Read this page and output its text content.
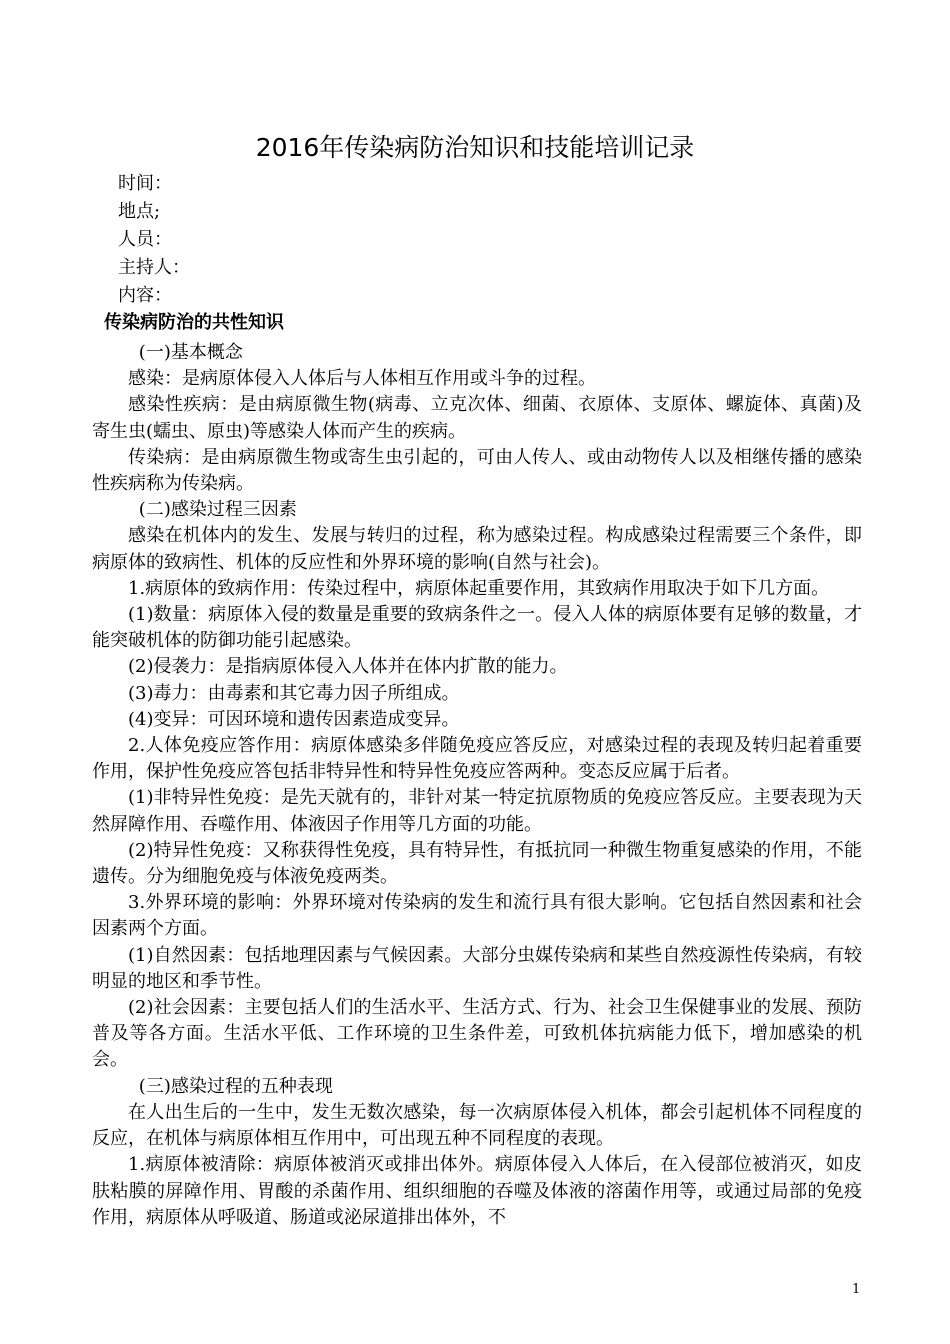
2016年传染病防治知识和技能培训记录
时间：
地点;
人员：
主持人：
内容：
传染病防治的共性知识

(一)基本概念

感染：是病原体侵入人体后与人体相互作用或斗争的过程。

感染性疾病：是由病原微生物(病毒、立克次体、细菌、衣原体、支原体、螺旋体、真菌)及寄生虫(蠕虫、原虫)等感染人体而产生的疾病。

传染病：是由病原微生物或寄生虫引起的，可由人传人、或由动物传人以及相继传播的感染性疾病称为传染病。

(二)感染过程三因素

感染在机体内的发生、发展与转归的过程，称为感染过程。构成感染过程需要三个条件，即病原体的致病性、机体的反应性和外界环境的影响(自然与社会)。

1.病原体的致病作用：传染过程中，病原体起重要作用，其致病作用取决于如下几方面。

(1)数量：病原体入侵的数量是重要的致病条件之一。侵入人体的病原体要有足够的数量，才能突破机体的防御功能引起感染。

(2)侵袭力：是指病原体侵入人体并在体内扩散的能力。

(3)毒力：由毒素和其它毒力因子所组成。

(4)变异：可因环境和遗传因素造成变异。

2.人体免疫应答作用：病原体感染多伴随免疫应答反应，对感染过程的表现及转归起着重要作用，保护性免疫应答包括非特异性和特异性免疫应答两种。变态反应属于后者。

(1)非特异性免疫：是先天就有的，非针对某一特定抗原物质的免疫应答反应。主要表现为天然屏障作用、吞噬作用、体液因子作用等几方面的功能。

(2)特异性免疫：又称获得性免疫，具有特异性，有抵抗同一种微生物重复感染的作用，不能遗传。分为细胞免疫与体液免疫两类。

3.外界环境的影响：外界环境对传染病的发生和流行具有很大影响。它包括自然因素和社会因素两个方面。

(1)自然因素：包括地理因素与气候因素。大部分虫媒传染病和某些自然疫源性传染病，有较明显的地区和季节性。

(2)社会因素：主要包括人们的生活水平、生活方式、行为、社会卫生保健事业的发展、预防普及等各方面。生活水平低、工作环境的卫生条件差，可致机体抗病能力低下，增加感染的机会。

(三)感染过程的五种表现

在人出生后的一生中，发生无数次感染，每一次病原体侵入机体，都会引起机体不同程度的反应，在机体与病原体相互作用中，可出现五种不同程度的表现。

1.病原体被清除：病原体被消灭或排出体外。病原体侵入人体后，在入侵部位被消灭，如皮肤粘膜的屏障作用、胃酸的杀菌作用、组织细胞的吞噬及体液的溶菌作用等，或通过局部的免疫作用，病原体从呼吸道、肠道或泌尿道排出体外，不

1
